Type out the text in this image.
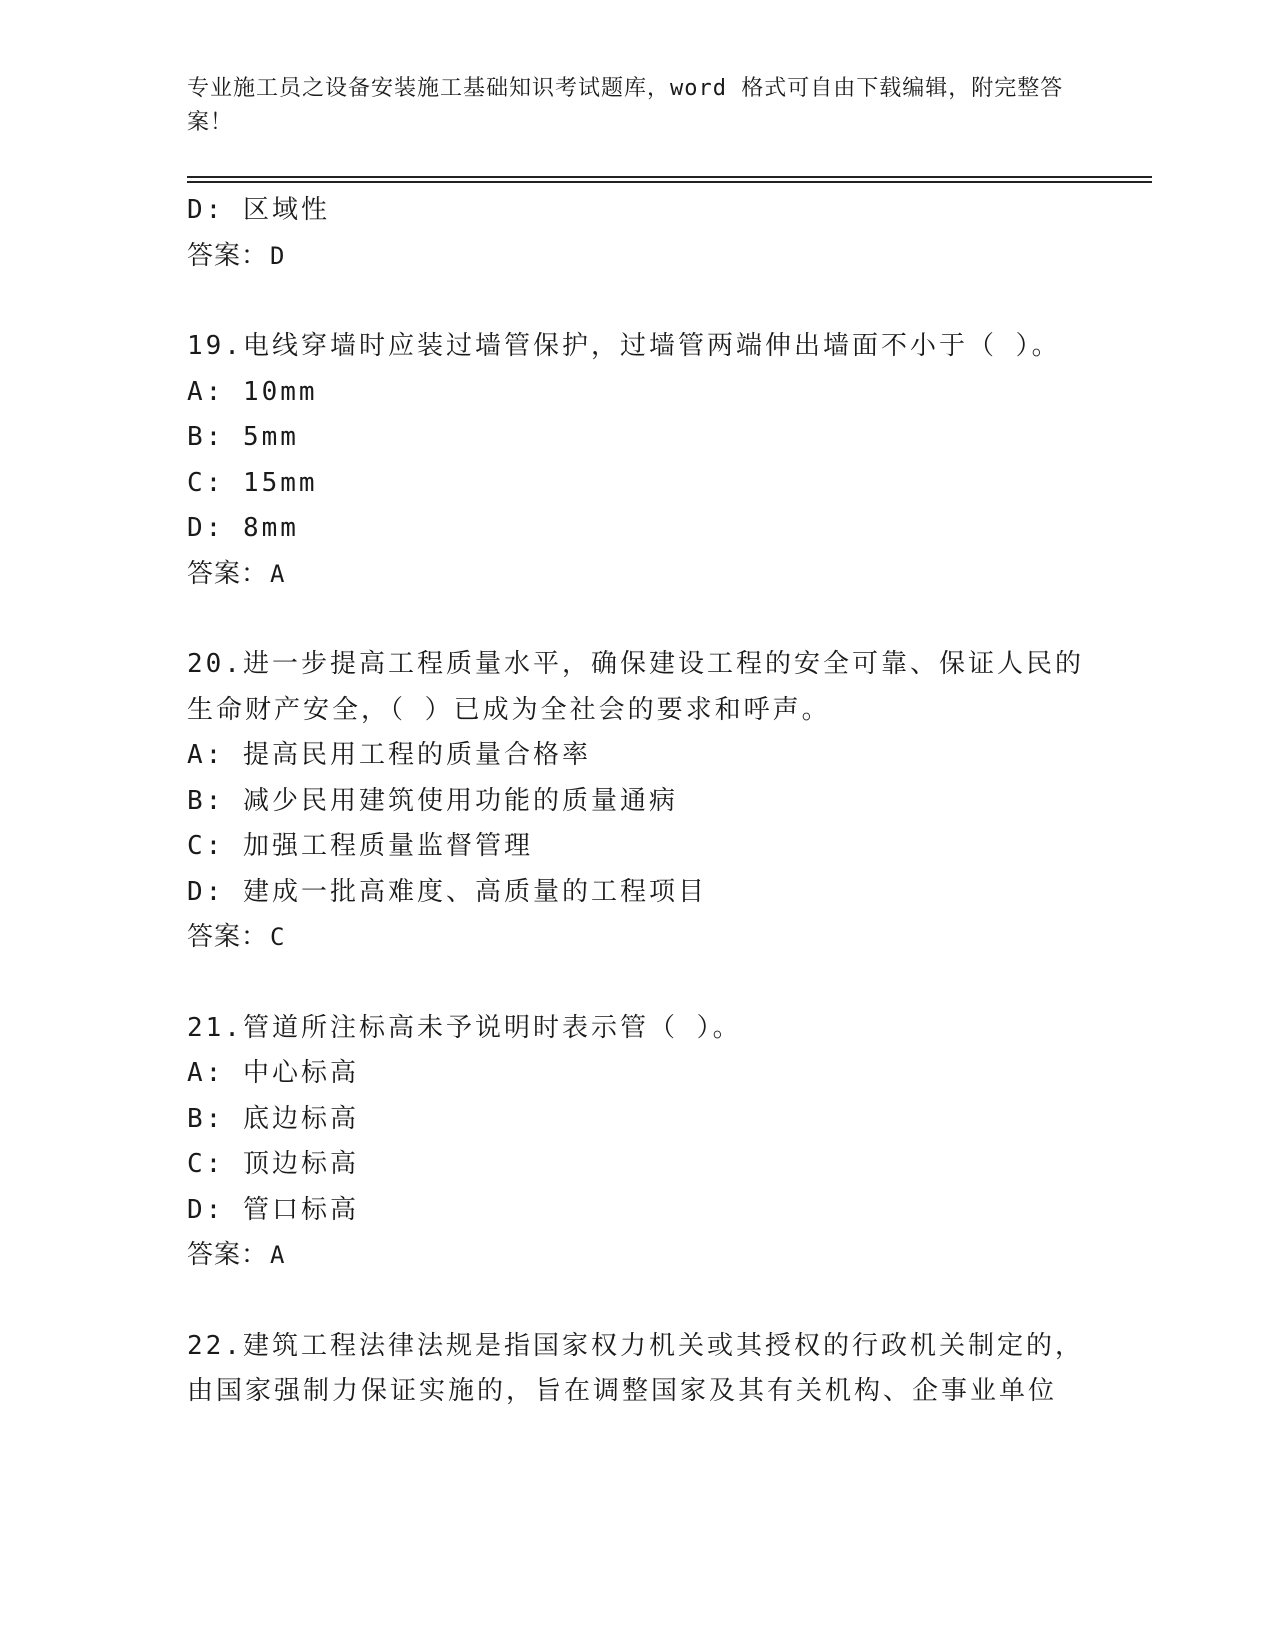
专业施工员之设备安装施工基础知识考试题库，word 格式可自由下载编辑，附完整答案！
D: 区域性
答案：D
19.电线穿墙时应装过墙管保护，过墙管两端伸出墙面不小于（ ）。
A: 10mm
B: 5mm
C: 15mm
D: 8mm
答案：A
20.进一步提高工程质量水平，确保建设工程的安全可靠、保证人民的
生命财产安全，（ ）已成为全社会的要求和呼声。
A: 提高民用工程的质量合格率
B: 减少民用建筑使用功能的质量通病
C: 加强工程质量监督管理
D: 建成一批高难度、高质量的工程项目
答案：C
21.管道所注标高未予说明时表示管（ ）。
A: 中心标高
B: 底边标高
C: 顶边标高
D: 管口标高
答案：A
22.建筑工程法律法规是指国家权力机关或其授权的行政机关制定的，
由国家强制力保证实施的，旨在调整国家及其有关机构、企事业单位
